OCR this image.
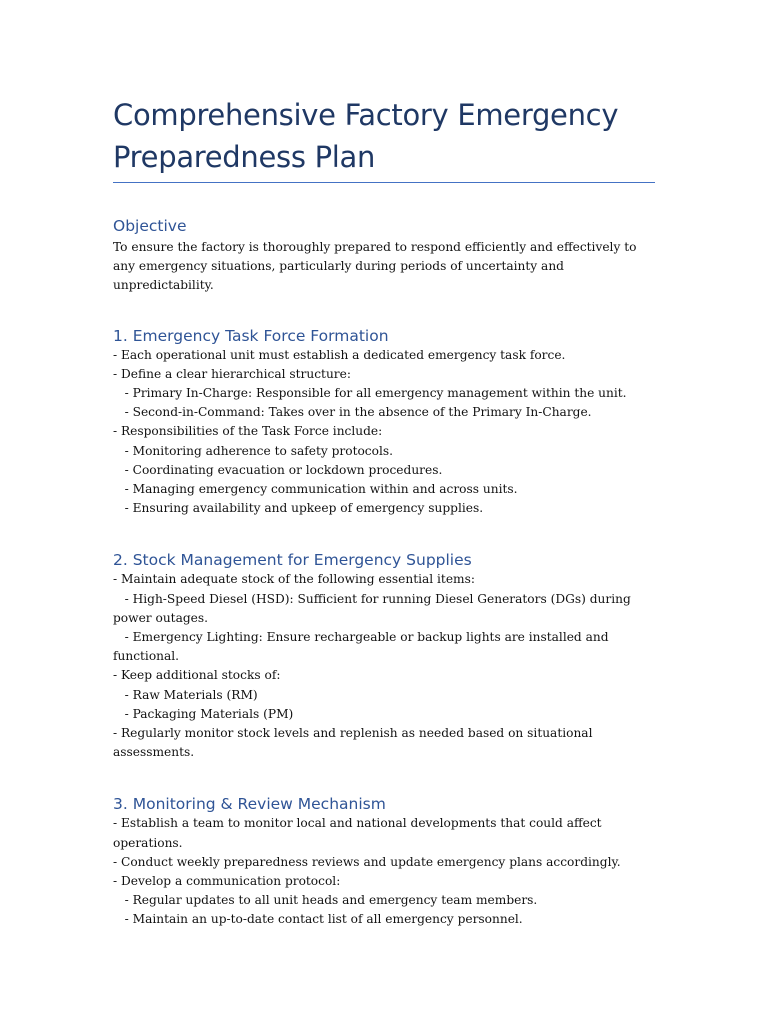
Comprehensive Factory Emergency Preparedness Plan
Objective

To ensure the factory is thoroughly prepared to respond efficiently and effectively to any emergency situations, particularly during periods of uncertainty and unpredictability.

1. Emergency Task Force Formation

- Each operational unit must establish a dedicated emergency task force.

- Define a clear hierarchical structure:

- Primary In-Charge: Responsible for all emergency management within the unit.

- Second-in-Command: Takes over in the absence of the Primary In-Charge.

- Responsibilities of the Task Force include:

- Monitoring adherence to safety protocols.

- Coordinating evacuation or lockdown procedures.

- Managing emergency communication within and across units.

- Ensuring availability and upkeep of emergency supplies.

2. Stock Management for Emergency Supplies

- Maintain adequate stock of the following essential items:

- High-Speed Diesel (HSD): Sufficient for running Diesel Generators (DGs) during power outages.

- Emergency Lighting: Ensure rechargeable or backup lights are installed and functional.

- Keep additional stocks of:

- Raw Materials (RM)

- Packaging Materials (PM)

- Regularly monitor stock levels and replenish as needed based on situational assessments.

3. Monitoring & Review Mechanism

- Establish a team to monitor local and national developments that could affect operations.

- Conduct weekly preparedness reviews and update emergency plans accordingly.

- Develop a communication protocol:

- Regular updates to all unit heads and emergency team members.

- Maintain an up-to-date contact list of all emergency personnel.
